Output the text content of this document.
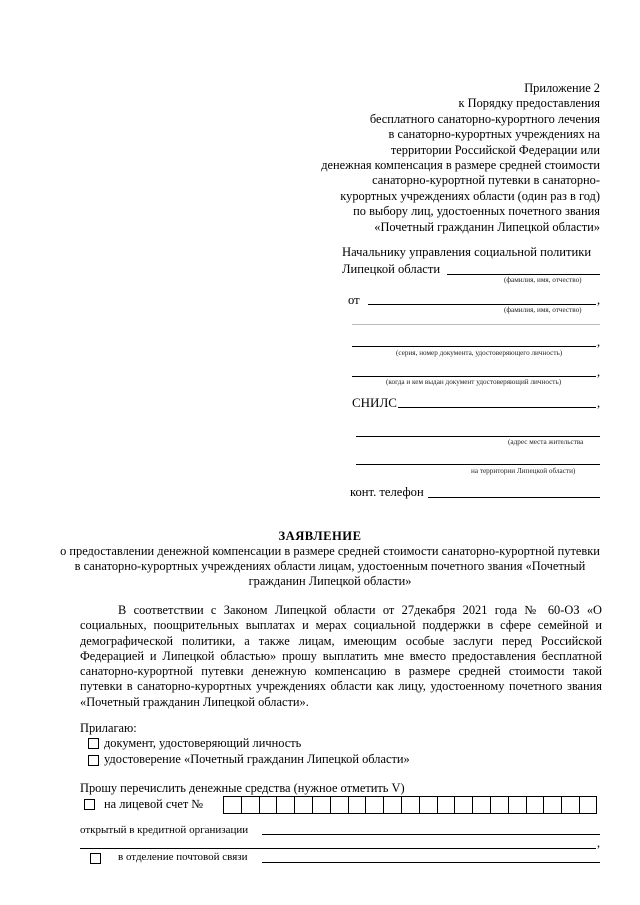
Приложение 2
к Порядку предоставления
бесплатного санаторно-курортного лечения
в санаторно-курортных учреждениях на
территории Российской Федерации или
денежная компенсация в размере средней стоимости
санаторно-курортной путевки в санаторно-
курортных учреждениях области (один раз в год)
по выбору лиц, удостоенных почетного звания
«Почетный гражданин Липецкой области»
Начальнику управления социальной политики
Липецкой области
(фамилия, имя, отчество)
от	,
(фамилия, имя, отчество)
,
(серия, номер документа, удостоверяющего личность)
,
(когда и кем выдан документ удостоверяющий личность)
СНИЛС	,
(адрес места жительства
на территории Липецкой области)
конт. телефон
ЗАЯВЛЕНИЕ
о предоставлении денежной компенсации в размере средней стоимости санаторно-курортной путевки в санаторно-курортных учреждениях области лицам, удостоенным почетного звания «Почетный гражданин Липецкой области»
В соответствии с Законом Липецкой области от 27декабря 2021 года № 60-ОЗ «О социальных, поощрительных выплатах и мерах социальной поддержки в сфере семейной и демографической политики, а также лицам, имеющим особые заслуги перед Российской Федерацией и Липецкой областью» прошу выплатить мне вместо предоставления бесплатной санаторно-курортной путевки денежную компенсацию в размере средней стоимости такой путевки в санаторно-курортных учреждениях области как лицу, удостоенному почетного звания «Почетный гражданин Липецкой области».
Прилагаю:
документ, удостоверяющий личность
удостоверение «Почетный гражданин Липецкой области»
Прошу перечислить денежные средства (нужное отметить V)
на лицевой счет №
открытый в кредитной организации
,
в отделение почтовой связи
